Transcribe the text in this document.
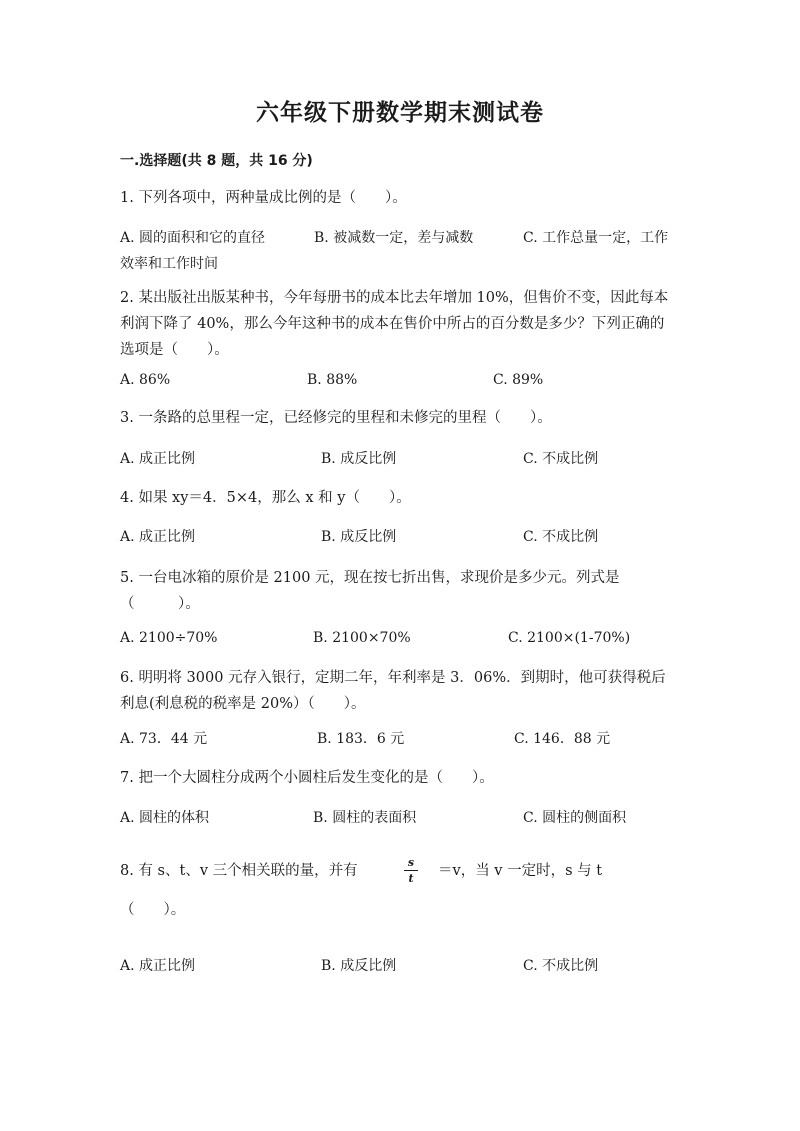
六年级下册数学期末测试卷
一.选择题(共 8 题，共 16 分)
1. 下列各项中，两种量成比例的是（　　）。
A. 圆的面积和它的直径	B. 被减数一定，差与减数	C. 工作总量一定，工作效率和工作时间
2. 某出版社出版某种书，今年每册书的成本比去年增加 10%，但售价不变，因此每本利润下降了 40%，那么今年这种书的成本在售价中所占的百分数是多少？下列正确的选项是（　　）。
A. 86%	B. 88%	C. 89%
3. 一条路的总里程一定，已经修完的里程和未修完的里程（　　）。
A. 成正比例	B. 成反比例	C. 不成比例
4. 如果 xy＝4．5×4，那么 x 和 y（　　）。
A. 成正比例	B. 成反比例	C. 不成比例
5. 一台电冰箱的原价是 2100 元，现在按七折出售，求现价是多少元。列式是（　　　）。
A. 2100÷70%	B. 2100×70%	C. 2100×(1-70%)
6. 明明将 3000 元存入银行，定期二年，年利率是 3．06%．到期时，他可获得税后利息(利息税的税率是 20%）（　　）。
A. 73．44 元	B. 183．6 元	C. 146．88 元
7. 把一个大圆柱分成两个小圆柱后发生变化的是（　　）。
A. 圆柱的体积	B. 圆柱的表面积	C. 圆柱的侧面积
8. 有 s、t、v 三个相关联的量，并有
s
t	＝v，当 v 一定时，s 与 t
（　　）。
A. 成正比例	B. 成反比例	C. 不成比例
